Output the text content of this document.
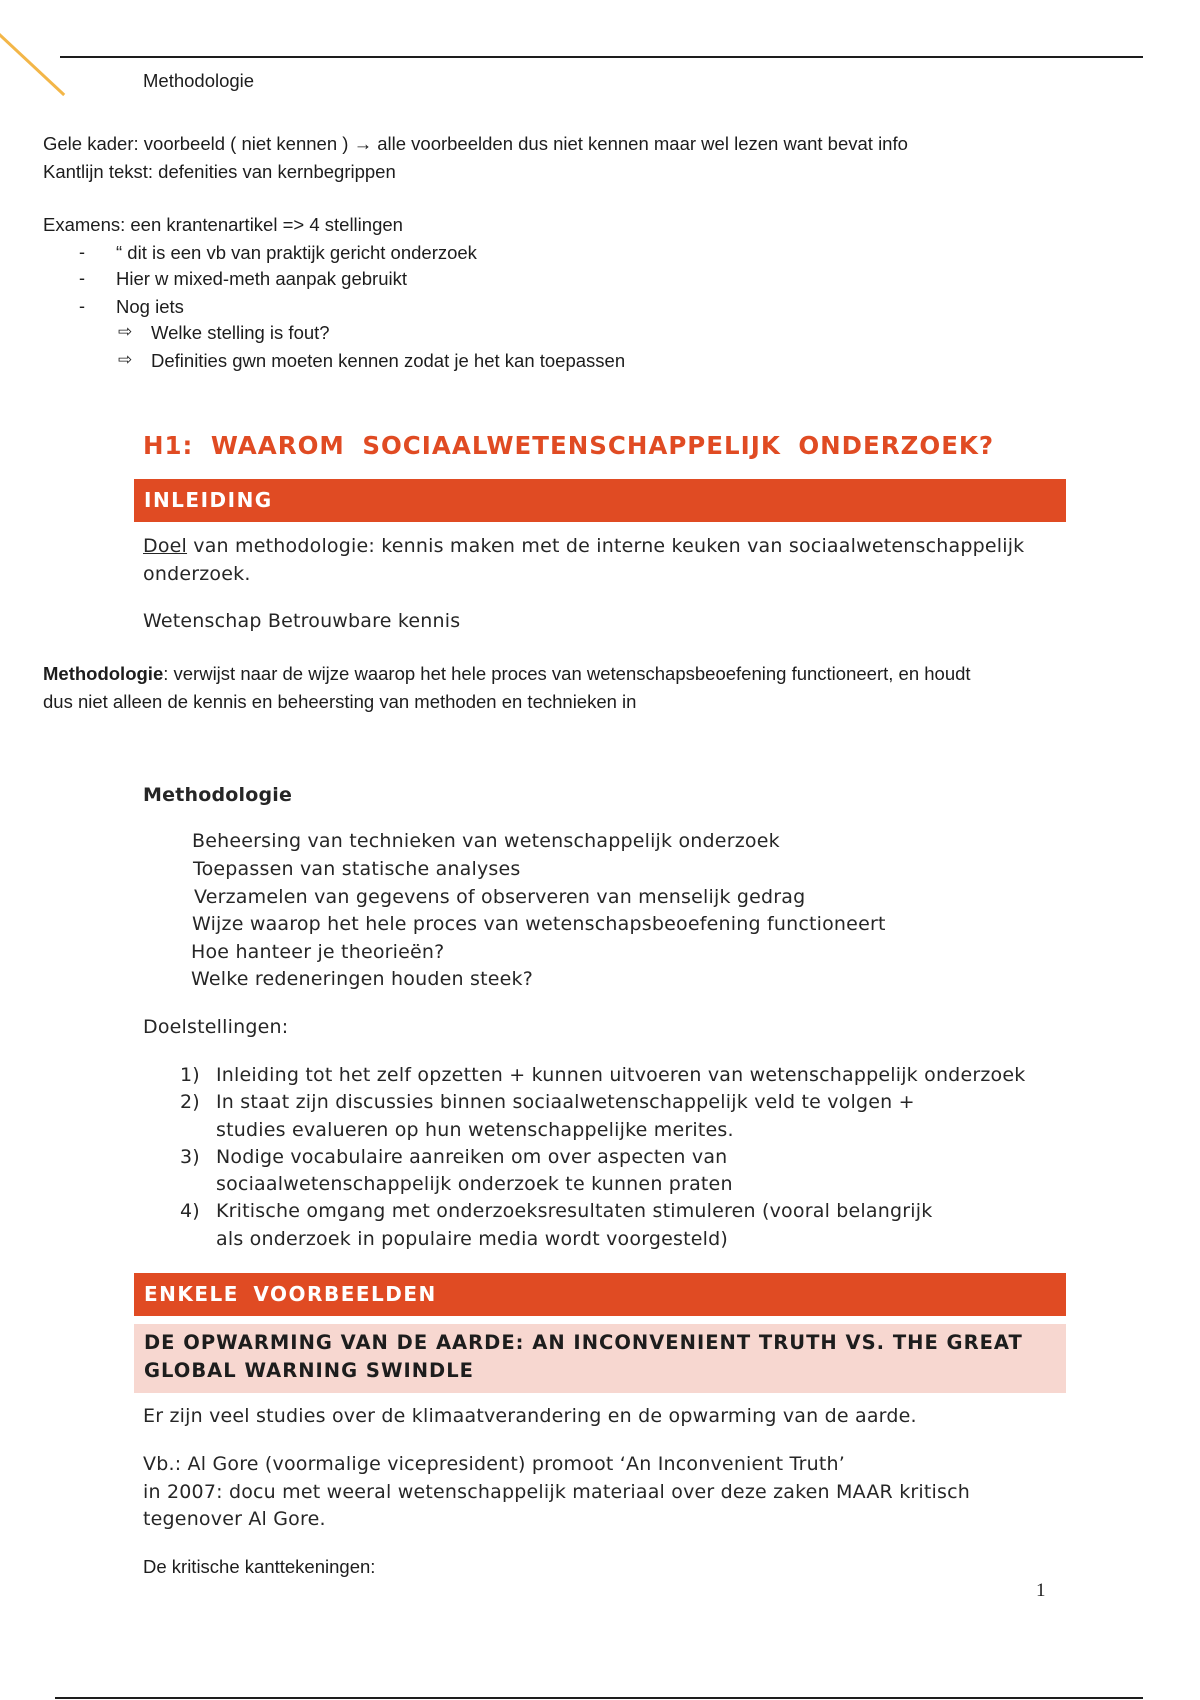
Methodologie
Gele kader: voorbeeld ( niet kennen ) → alle voorbeelden dus niet kennen maar wel lezen want bevat info
Kantlijn tekst: defenities van kernbegrippen
Examens: een krantenartikel => 4 stellingen
- “ dit is een vb van praktijk gericht onderzoek
- Hier w mixed-meth aanpak gebruikt
- Nog iets
⇨ Welke stelling is fout?
⇨ Definities gwn moeten kennen zodat je het kan toepassen
H1: WAAROM SOCIAALWETENSCHAPPELIJK ONDERZOEK?
INLEIDING
Doel van methodologie: kennis maken met de interne keuken van sociaalwetenschappelijk
onderzoek.
Wetenschap Betrouwbare kennis
Methodologie: verwijst naar de wijze waarop het hele proces van wetenschapsbeoefening functioneert, en houdt
dus niet alleen de kennis en beheersting van methoden en technieken in
Methodologie
Beheersing van technieken van wetenschappelijk onderzoek
Toepassen van statische analyses
Verzamelen van gegevens of observeren van menselijk gedrag
Wijze waarop het hele proces van wetenschapsbeoefening functioneert
Hoe hanteer je theorieën?
Welke redeneringen houden steek?
Doelstellingen:
1) Inleiding tot het zelf opzetten + kunnen uitvoeren van wetenschappelijk onderzoek
2) In staat zijn discussies binnen sociaalwetenschappelijk veld te volgen +
studies evalueren op hun wetenschappelijke merites.
3) Nodige vocabulaire aanreiken om over aspecten van
sociaalwetenschappelijk onderzoek te kunnen praten
4) Kritische omgang met onderzoeksresultaten stimuleren (vooral belangrijk
als onderzoek in populaire media wordt voorgesteld)
ENKELE VOORBEELDEN
DE OPWARMING VAN DE AARDE: AN INCONVENIENT TRUTH VS. THE GREAT
GLOBAL WARNING SWINDLE
Er zijn veel studies over de klimaatverandering en de opwarming van de aarde.
Vb.: Al Gore (voormalige vicepresident) promoot ‘An Inconvenient Truth’
in 2007: docu met weeral wetenschappelijk materiaal over deze zaken MAAR kritisch
tegenover Al Gore.
De kritische kanttekeningen:
1
